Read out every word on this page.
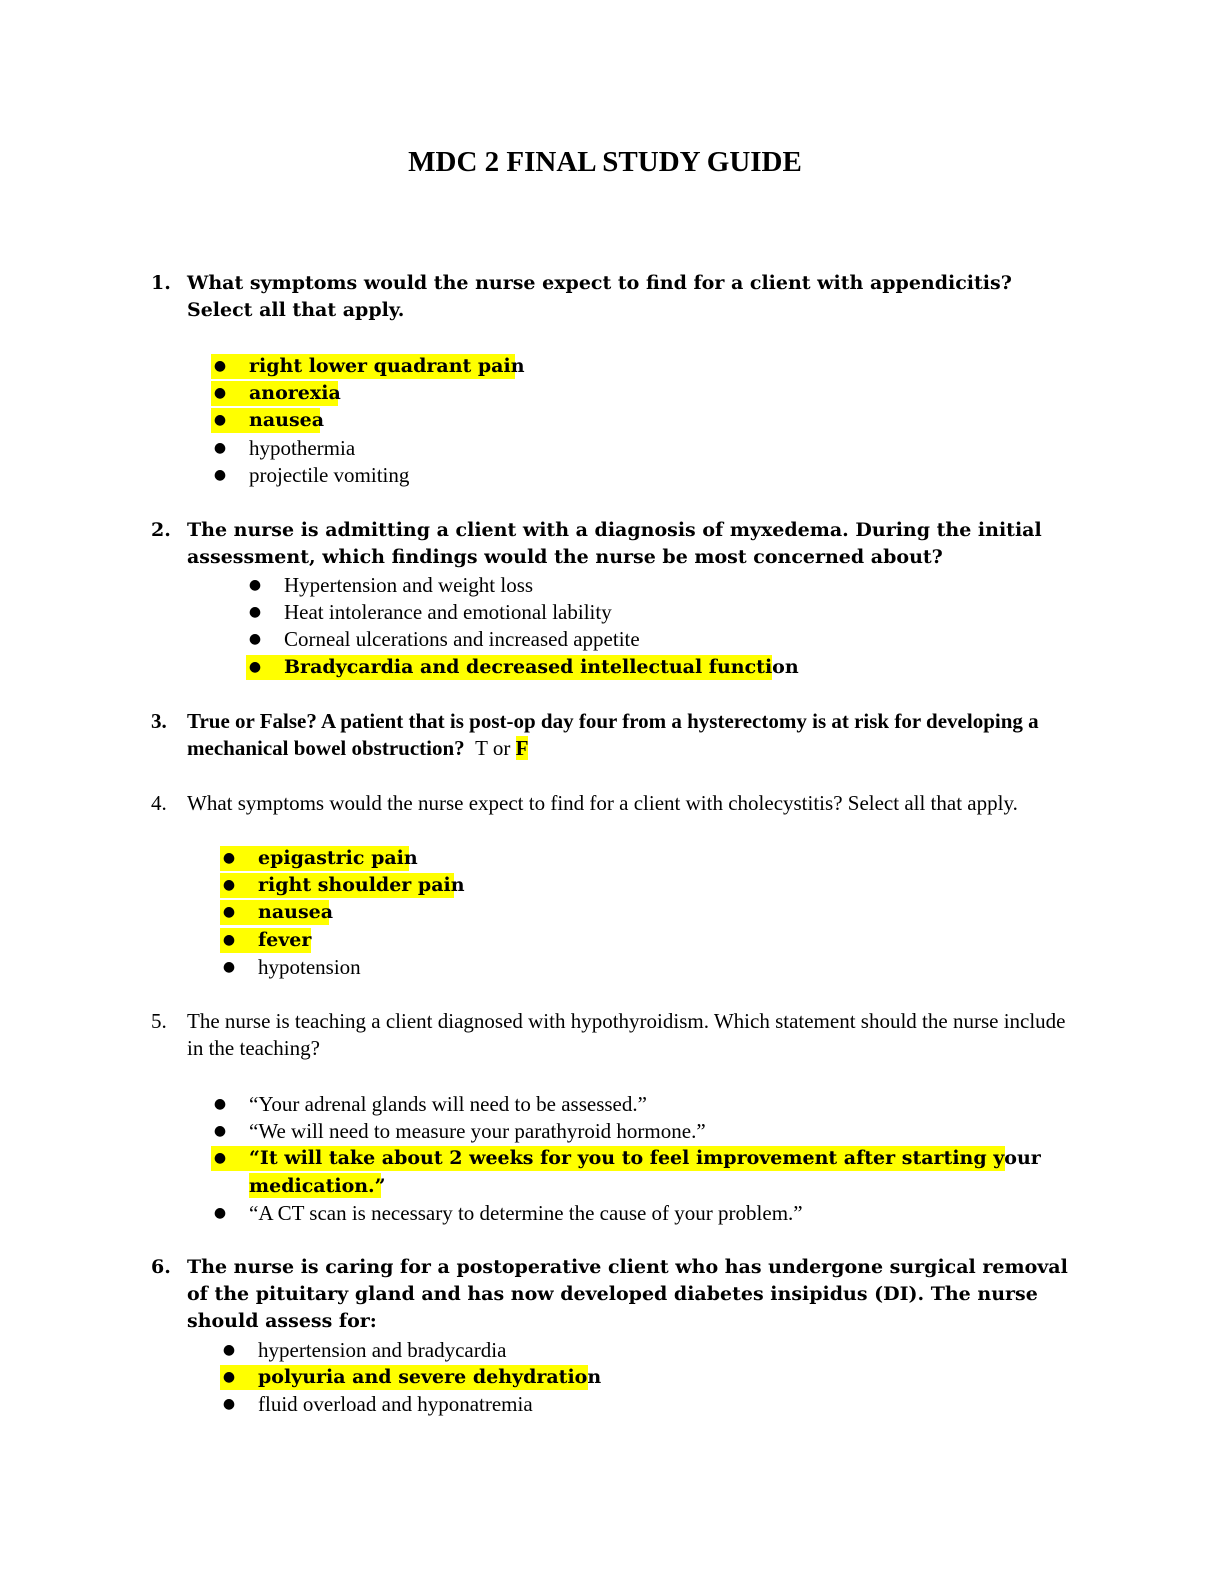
MDC 2 FINAL STUDY GUIDE
1. What symptoms would the nurse expect to find for a client with appendicitis? Select all that apply.
● right lower quadrant pain
● anorexia
● nausea
● hypothermia
● projectile vomiting
2. The nurse is admitting a client with a diagnosis of myxedema. During the initial assessment, which findings would the nurse be most concerned about?
● Hypertension and weight loss
● Heat intolerance and emotional lability
● Corneal ulcerations and increased appetite
● Bradycardia and decreased intellectual function
3. True or False? A patient that is post-op day four from a hysterectomy is at risk for developing a mechanical bowel obstruction? T or F
4. What symptoms would the nurse expect to find for a client with cholecystitis? Select all that apply.
● epigastric pain
● right shoulder pain
● nausea
● fever
● hypotension
5. The nurse is teaching a client diagnosed with hypothyroidism. Which statement should the nurse include in the teaching?
● “Your adrenal glands will need to be assessed.”
● “We will need to measure your parathyroid hormone.”
● “It will take about 2 weeks for you to feel improvement after starting your
medication.”
● “A CT scan is necessary to determine the cause of your problem.”
6. The nurse is caring for a postoperative client who has undergone surgical removal of the pituitary gland and has now developed diabetes insipidus (DI). The nurse should assess for:
● hypertension and bradycardia
● polyuria and severe dehydration
● fluid overload and hyponatremia
